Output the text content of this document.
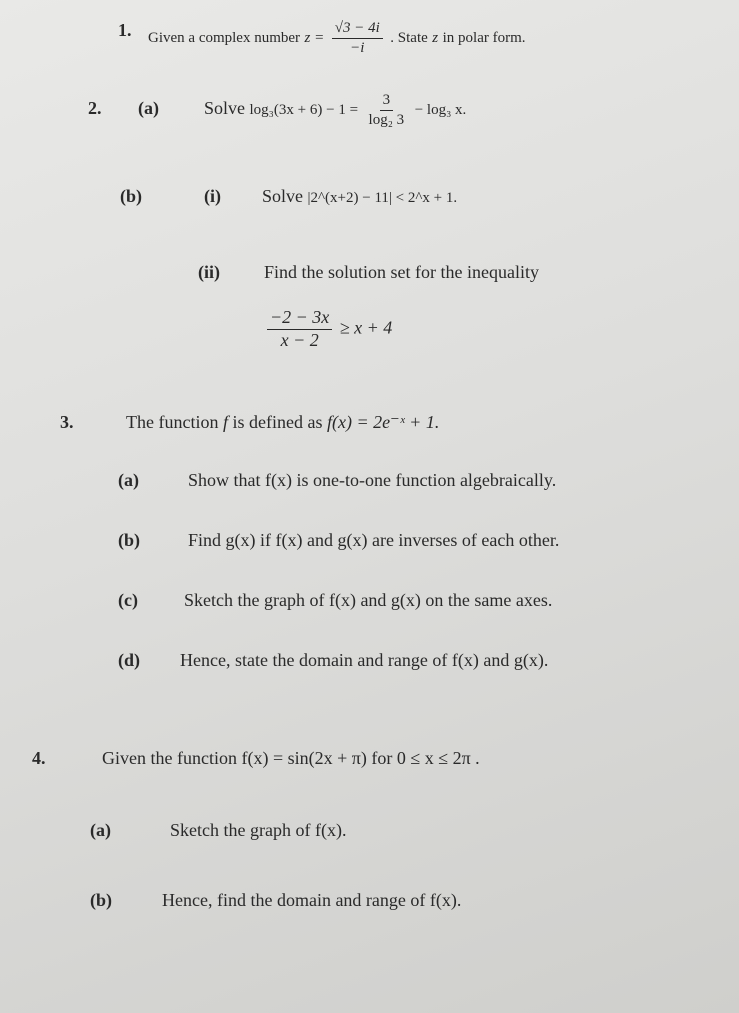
1. Given a complex number $z = \frac{√3 - 4i}{-i}$ . State z in polar form.
2. (a)	Solve $\log_3(3x + 6) - 1 = \frac{3}{\text{log₂ 3}} - \log_3$ x.
(b)	(i) Solve |2^(x+2) − 11| < 2^x + 1.
(ii) Find the solution set for the inequality
$\frac{-2 - 3x}{x - 2} \ge x + 4$
3.	The function f is defined as f(x) = 2e⁻ˣ + 1.
(a)	Show that f(x) is one-to-one function algebraically.
(b)	Find g(x) if f(x) and g(x) are inverses of each other.
(c)	Sketch the graph of f(x) and g(x) on the same axes.
(d) Hence, state the domain and range of f(x) and g(x).
4.	Given the function f(x) = sin(2x + π) for 0 ≤ x ≤ 2π .
(a)	Sketch the graph of f(x).
(b)	Hence, find the domain and range of f(x).
